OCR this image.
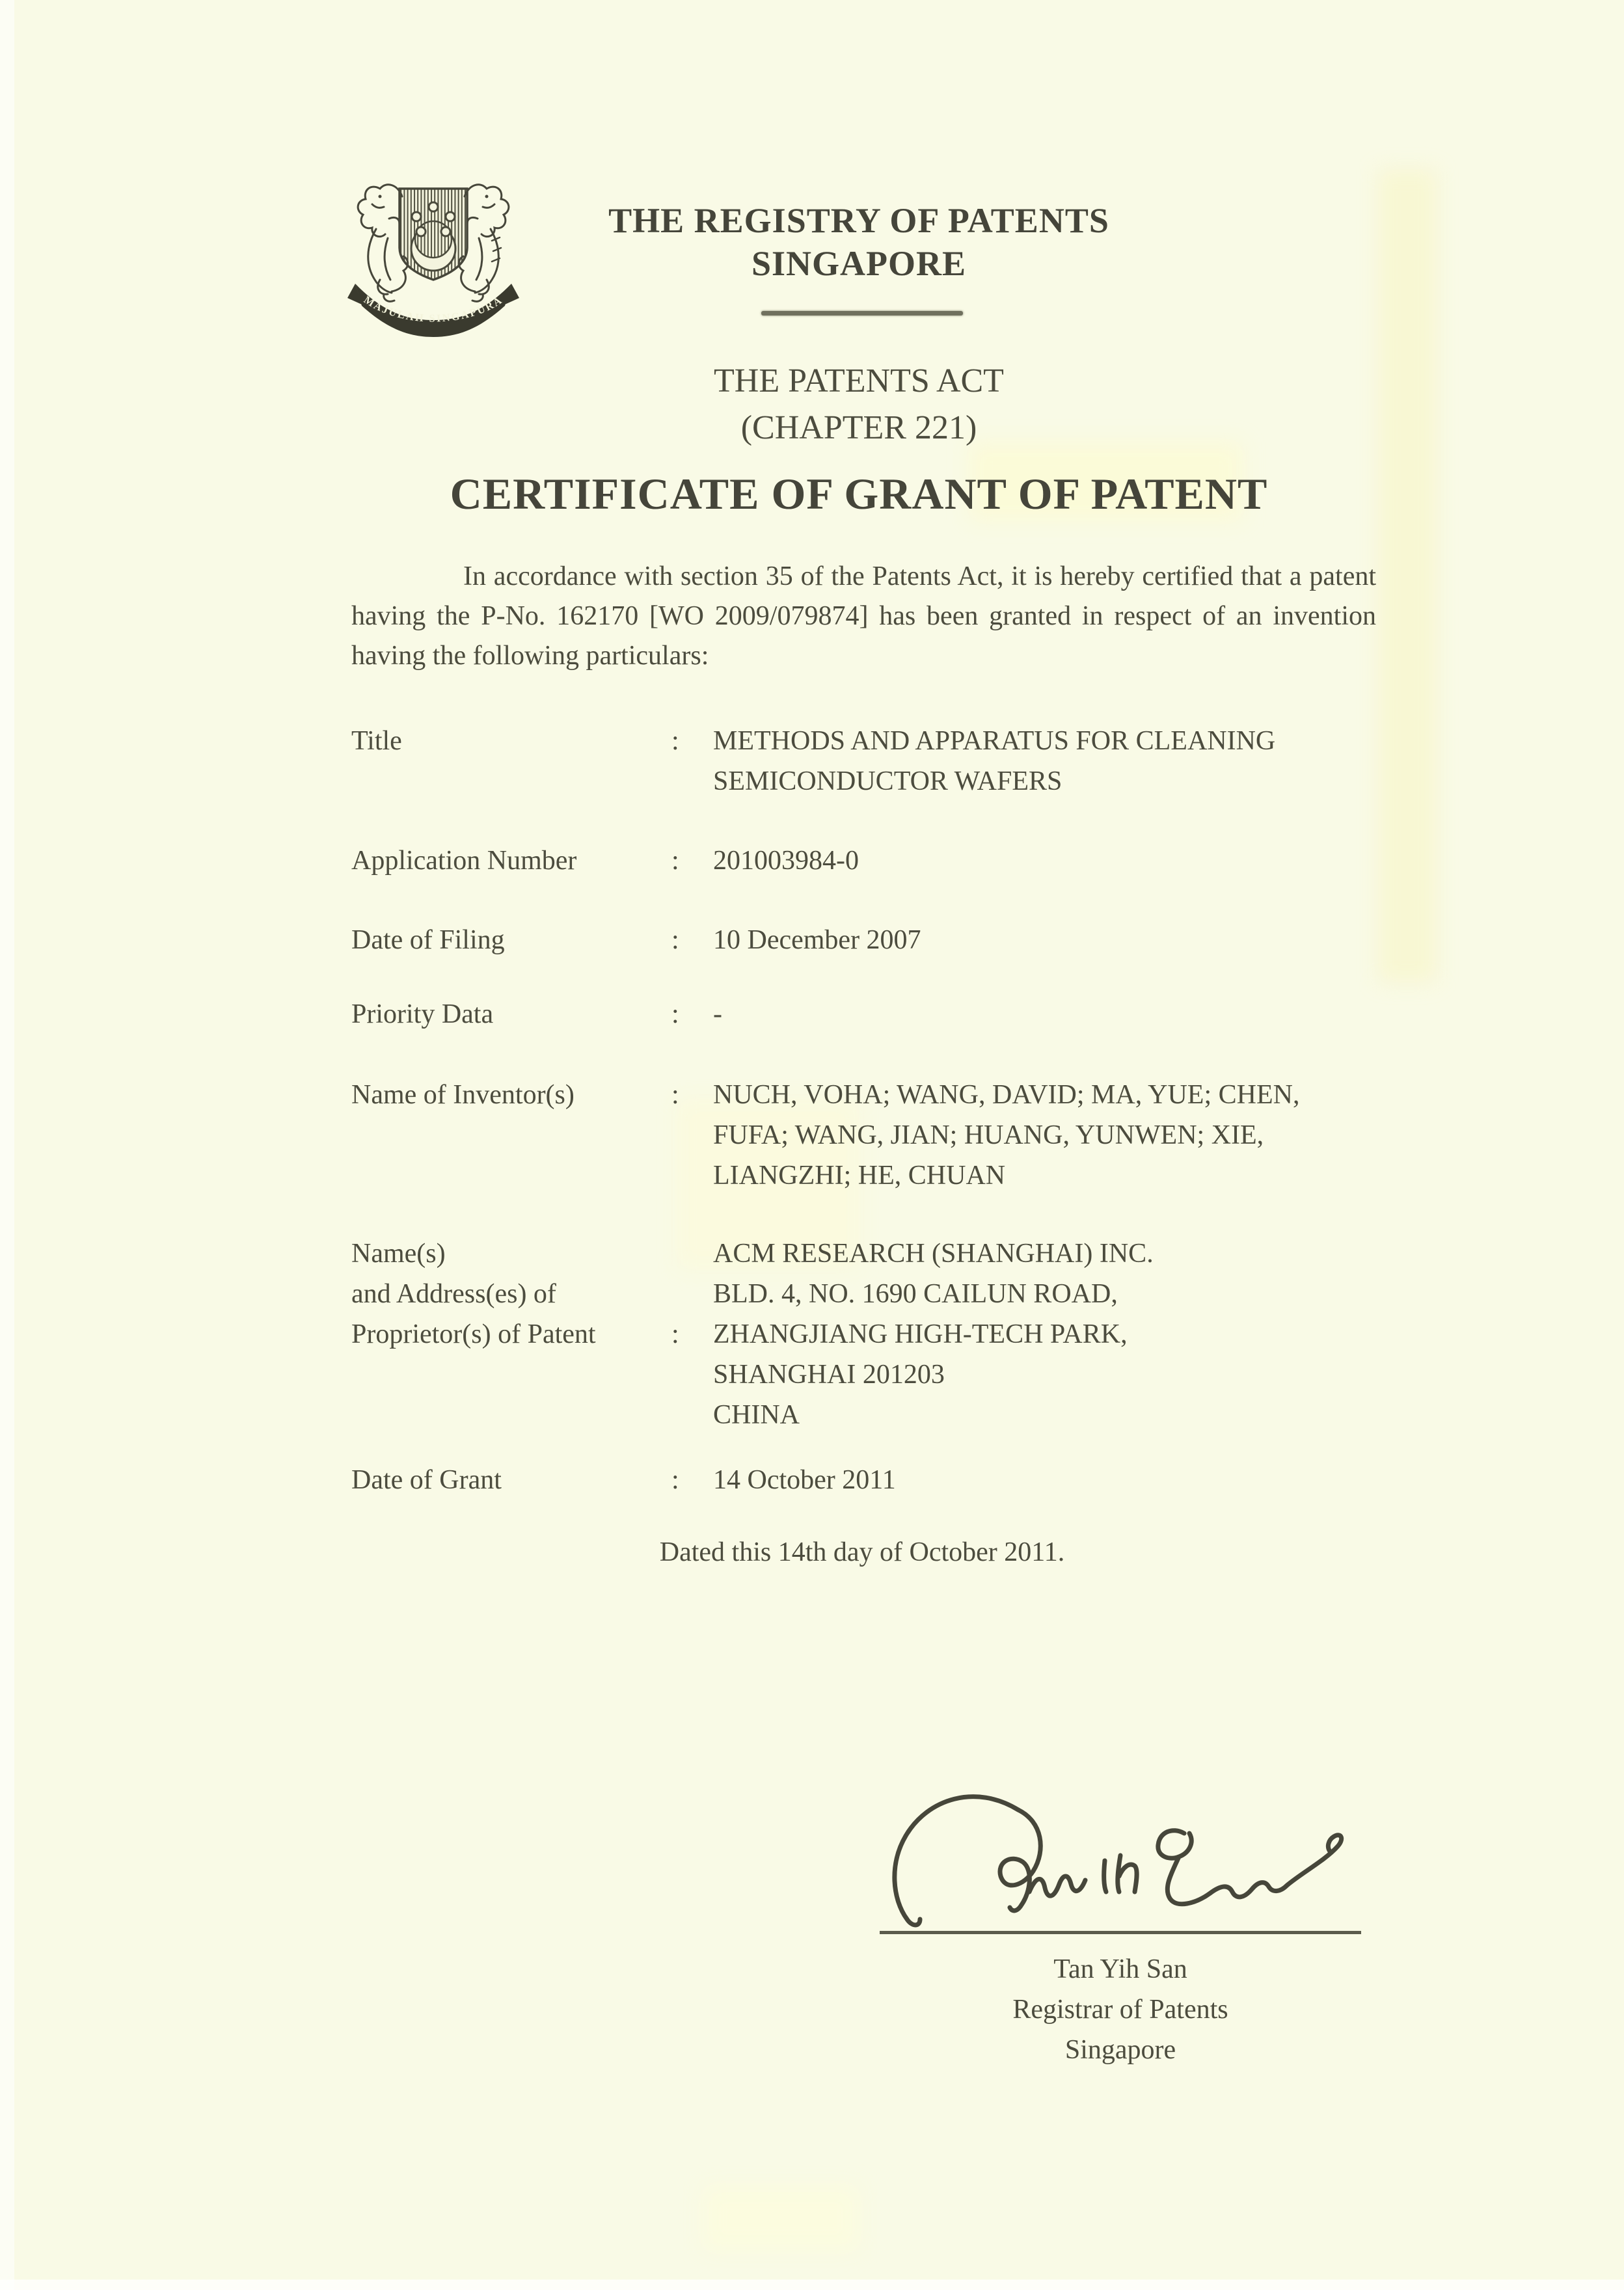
MAJULAH SINGAPURA
THE REGISTRY OF PATENTS
SINGAPORE
THE PATENTS ACT
(CHAPTER 221)
CERTIFICATE OF GRANT OF PATENT
In accordance with section 35 of the Patents Act, it is hereby certified that a patent having the P-No. 162170 [WO 2009/079874] has been granted in respect of an invention having the following particulars:
Title	: METHODS AND APPARATUS FOR CLEANING SEMICONDUCTOR WAFERS
Application Number	: 201003984-0
Date of Filing	: 10 December 2007
Priority Data	: -
Name of Inventor(s)	: NUCH, VOHA; WANG, DAVID; MA, YUE; CHEN, FUFA; WANG, JIAN; HUANG, YUNWEN; XIE, LIANGZHI; HE, CHUAN
Name(s)
and Address(es) of
Proprietor(s) of Patent	:
ACM RESEARCH (SHANGHAI) INC.
BLD. 4, NO. 1690 CAILUN ROAD,
ZHANGJIANG HIGH-TECH PARK,
SHANGHAI 201203
CHINA
Date of Grant	: 14 October 2011
Dated this 14th day of October 2011.
Tan Yih San
Registrar of Patents
Singapore
